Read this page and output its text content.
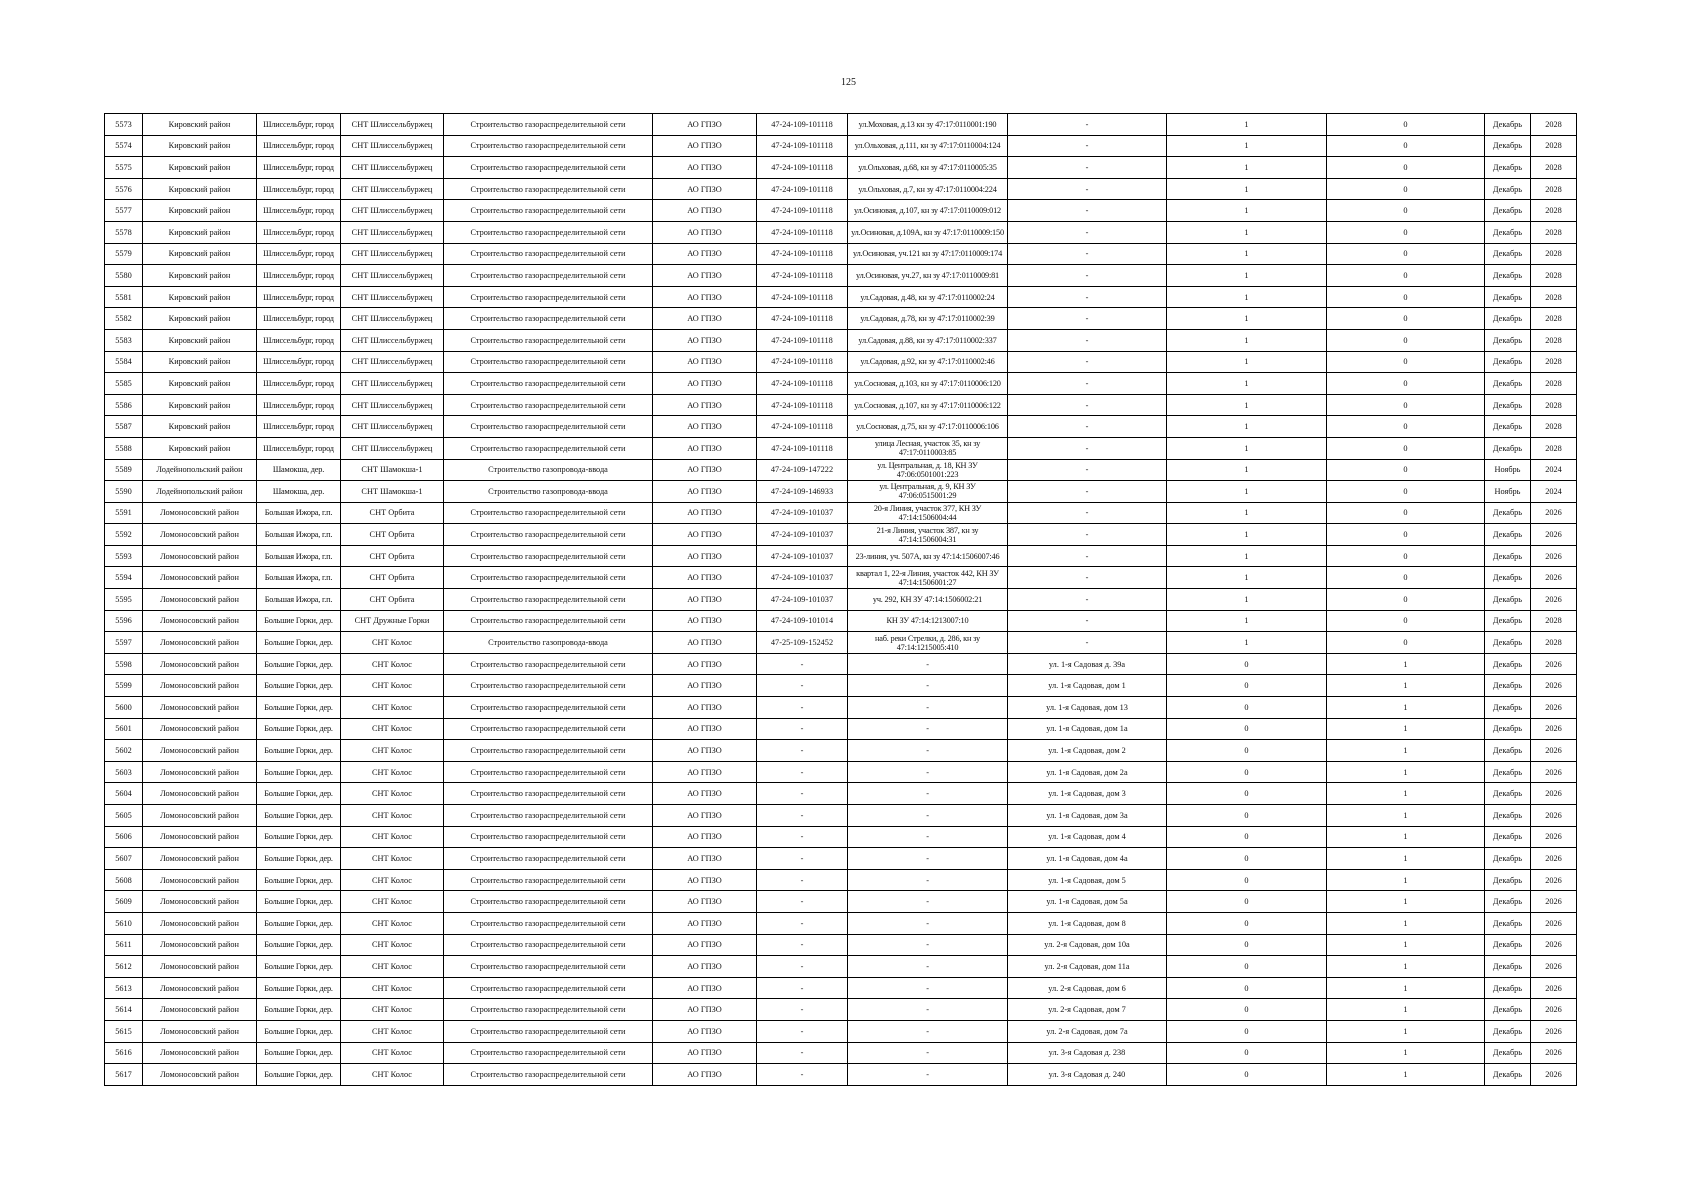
125
5573	Кировский район	Шлиссельбург, город	СНТ Шлиссельбуржец	Строительство газораспределительной сети	АО ГПЗО	47-24-109-101118	ул.Моховая, д.13 кн зу 47:17:0110001:190	-	1	0	Декабрь	2028
5574	Кировский район	Шлиссельбург, город	СНТ Шлиссельбуржец	Строительство газораспределительной сети	АО ГПЗО	47-24-109-101118	ул.Ольховая, д.111, кн зу 47:17:0110004:124	-	1	0	Декабрь	2028
5575	Кировский район	Шлиссельбург, город	СНТ Шлиссельбуржец	Строительство газораспределительной сети	АО ГПЗО	47-24-109-101118	ул.Ольховая, д.68, кн зу 47:17:0110005:35	-	1	0	Декабрь	2028
5576	Кировский район	Шлиссельбург, город	СНТ Шлиссельбуржец	Строительство газораспределительной сети	АО ГПЗО	47-24-109-101118	ул.Ольховая, д.7, кн зу 47:17:0110004:224	-	1	0	Декабрь	2028
5577	Кировский район	Шлиссельбург, город	СНТ Шлиссельбуржец	Строительство газораспределительной сети	АО ГПЗО	47-24-109-101118	ул.Осиновая, д.107, кн зу 47:17:0110009:012	-	1	0	Декабрь	2028
5578	Кировский район	Шлиссельбург, город	СНТ Шлиссельбуржец	Строительство газораспределительной сети	АО ГПЗО	47-24-109-101118	ул.Осиновая, д.109А, кн зу 47:17:0110009:150	-	1	0	Декабрь	2028
5579	Кировский район	Шлиссельбург, город	СНТ Шлиссельбуржец	Строительство газораспределительной сети	АО ГПЗО	47-24-109-101118	ул.Осиновая, уч.121 кн зу 47:17:0110009:174	-	1	0	Декабрь	2028
5580	Кировский район	Шлиссельбург, город	СНТ Шлиссельбуржец	Строительство газораспределительной сети	АО ГПЗО	47-24-109-101118	ул.Осиновая, уч.27, кн зу 47:17:0110009:81	-	1	0	Декабрь	2028
5581	Кировский район	Шлиссельбург, город	СНТ Шлиссельбуржец	Строительство газораспределительной сети	АО ГПЗО	47-24-109-101118	ул.Садовая, д.48, кн зу 47:17:0110002:24	-	1	0	Декабрь	2028
5582	Кировский район	Шлиссельбург, город	СНТ Шлиссельбуржец	Строительство газораспределительной сети	АО ГПЗО	47-24-109-101118	ул.Садовая, д.78, кн зу 47:17:0110002:39	-	1	0	Декабрь	2028
5583	Кировский район	Шлиссельбург, город	СНТ Шлиссельбуржец	Строительство газораспределительной сети	АО ГПЗО	47-24-109-101118	ул.Садовая, д.88, кн зу 47:17:0110002:337	-	1	0	Декабрь	2028
5584	Кировский район	Шлиссельбург, город	СНТ Шлиссельбуржец	Строительство газораспределительной сети	АО ГПЗО	47-24-109-101118	ул.Садовая, д.92, кн зу 47:17:0110002:46	-	1	0	Декабрь	2028
5585	Кировский район	Шлиссельбург, город	СНТ Шлиссельбуржец	Строительство газораспределительной сети	АО ГПЗО	47-24-109-101118	ул.Сосновая, д.103, кн зу 47:17:0110006:120	-	1	0	Декабрь	2028
5586	Кировский район	Шлиссельбург, город	СНТ Шлиссельбуржец	Строительство газораспределительной сети	АО ГПЗО	47-24-109-101118	ул.Сосновая, д.107, кн зу 47:17:0110006:122	-	1	0	Декабрь	2028
5587	Кировский район	Шлиссельбург, город	СНТ Шлиссельбуржец	Строительство газораспределительной сети	АО ГПЗО	47-24-109-101118	ул.Сосновая, д.75, кн зу 47:17:0110006:106	-	1	0	Декабрь	2028
5588	Кировский район	Шлиссельбург, город	СНТ Шлиссельбуржец	Строительство газораспределительной сети	АО ГПЗО	47-24-109-101118	улица Лесная, участок 35, кн зу 47:17:0110003:85	-	1	0	Декабрь	2028
5589	Лодейнопольский район	Шамокша, дер.	СНТ Шамокша-1	Строительство газопровода-ввода	АО ГПЗО	47-24-109-147222	ул. Центральная, д. 18, КН ЗУ 47:06:0501001:223	-	1	0	Ноябрь	2024
5590	Лодейнопольский район	Шамокша, дер.	СНТ Шамокша-1	Строительство газопровода-ввода	АО ГПЗО	47-24-109-146933	ул. Центральная, д. 9, КН ЗУ 47:06:0515001:29	-	1	0	Ноябрь	2024
5591	Ломоносовский район	Большая Ижора, г.п.	СНТ Орбита	Строительство газораспределительной сети	АО ГПЗО	47-24-109-101037	20-я Линия, участок 377, КН ЗУ 47:14:1506004:44	-	1	0	Декабрь	2026
5592	Ломоносовский район	Большая Ижора, г.п.	СНТ Орбита	Строительство газораспределительной сети	АО ГПЗО	47-24-109-101037	21-я Линия, участок 387, кн зу 47:14:1506004:31	-	1	0	Декабрь	2026
5593	Ломоносовский район	Большая Ижора, г.п.	СНТ Орбита	Строительство газораспределительной сети	АО ГПЗО	47-24-109-101037	23-линия, уч. 507А, кн зу 47:14:1506007:46	-	1	0	Декабрь	2026
5594	Ломоносовский район	Большая Ижора, г.п.	СНТ Орбита	Строительство газораспределительной сети	АО ГПЗО	47-24-109-101037	квартал 1, 22-я Линия, участок 442, КН ЗУ 47:14:1506001:27	-	1	0	Декабрь	2026
5595	Ломоносовский район	Большая Ижора, г.п.	СНТ Орбита	Строительство газораспределительной сети	АО ГПЗО	47-24-109-101037	уч. 292, КН ЗУ 47:14:1506002:21	-	1	0	Декабрь	2026
5596	Ломоносовский район	Большие Горки, дер.	СНТ Дружные Горки	Строительство газораспределительной сети	АО ГПЗО	47-24-109-101014	КН ЗУ 47:14:1213007:10	-	1	0	Декабрь	2028
5597	Ломоносовский район	Большие Горки, дер.	СНТ Колос	Строительство газопровода-ввода	АО ГПЗО	47-25-109-152452	наб. реки Стрелки, д. 286, кн зу 47:14:1215005:410	-	1	0	Декабрь	2028
5598	Ломоносовский район	Большие Горки, дер.	СНТ Колос	Строительство газораспределительной сети	АО ГПЗО	-	-	ул. 1-я Садовая д. 39а	0	1	Декабрь	2026
5599	Ломоносовский район	Большие Горки, дер.	СНТ Колос	Строительство газораспределительной сети	АО ГПЗО	-	-	ул. 1-я Садовая, дом 1	0	1	Декабрь	2026
5600	Ломоносовский район	Большие Горки, дер.	СНТ Колос	Строительство газораспределительной сети	АО ГПЗО	-	-	ул. 1-я Садовая, дом 13	0	1	Декабрь	2026
5601	Ломоносовский район	Большие Горки, дер.	СНТ Колос	Строительство газораспределительной сети	АО ГПЗО	-	-	ул. 1-я Садовая, дом 1а	0	1	Декабрь	2026
5602	Ломоносовский район	Большие Горки, дер.	СНТ Колос	Строительство газораспределительной сети	АО ГПЗО	-	-	ул. 1-я Садовая, дом 2	0	1	Декабрь	2026
5603	Ломоносовский район	Большие Горки, дер.	СНТ Колос	Строительство газораспределительной сети	АО ГПЗО	-	-	ул. 1-я Садовая, дом 2а	0	1	Декабрь	2026
5604	Ломоносовский район	Большие Горки, дер.	СНТ Колос	Строительство газораспределительной сети	АО ГПЗО	-	-	ул. 1-я Садовая, дом 3	0	1	Декабрь	2026
5605	Ломоносовский район	Большие Горки, дер.	СНТ Колос	Строительство газораспределительной сети	АО ГПЗО	-	-	ул. 1-я Садовая, дом 3а	0	1	Декабрь	2026
5606	Ломоносовский район	Большие Горки, дер.	СНТ Колос	Строительство газораспределительной сети	АО ГПЗО	-	-	ул. 1-я Садовая, дом 4	0	1	Декабрь	2026
5607	Ломоносовский район	Большие Горки, дер.	СНТ Колос	Строительство газораспределительной сети	АО ГПЗО	-	-	ул. 1-я Садовая, дом 4а	0	1	Декабрь	2026
5608	Ломоносовский район	Большие Горки, дер.	СНТ Колос	Строительство газораспределительной сети	АО ГПЗО	-	-	ул. 1-я Садовая, дом 5	0	1	Декабрь	2026
5609	Ломоносовский район	Большие Горки, дер.	СНТ Колос	Строительство газораспределительной сети	АО ГПЗО	-	-	ул. 1-я Садовая, дом 5а	0	1	Декабрь	2026
5610	Ломоносовский район	Большие Горки, дер.	СНТ Колос	Строительство газораспределительной сети	АО ГПЗО	-	-	ул. 1-я Садовая, дом 8	0	1	Декабрь	2026
5611	Ломоносовский район	Большие Горки, дер.	СНТ Колос	Строительство газораспределительной сети	АО ГПЗО	-	-	ул. 2-я Садовая, дом 10а	0	1	Декабрь	2026
5612	Ломоносовский район	Большие Горки, дер.	СНТ Колос	Строительство газораспределительной сети	АО ГПЗО	-	-	ул. 2-я Садовая, дом 11а	0	1	Декабрь	2026
5613	Ломоносовский район	Большие Горки, дер.	СНТ Колос	Строительство газораспределительной сети	АО ГПЗО	-	-	ул. 2-я Садовая, дом 6	0	1	Декабрь	2026
5614	Ломоносовский район	Большие Горки, дер.	СНТ Колос	Строительство газораспределительной сети	АО ГПЗО	-	-	ул. 2-я Садовая, дом 7	0	1	Декабрь	2026
5615	Ломоносовский район	Большие Горки, дер.	СНТ Колос	Строительство газораспределительной сети	АО ГПЗО	-	-	ул. 2-я Садовая, дом 7а	0	1	Декабрь	2026
5616	Ломоносовский район	Большие Горки, дер.	СНТ Колос	Строительство газораспределительной сети	АО ГПЗО	-	-	ул. 3-я Садовая д. 238	0	1	Декабрь	2026
5617	Ломоносовский район	Большие Горки, дер.	СНТ Колос	Строительство газораспределительной сети	АО ГПЗО	-	-	ул. 3-я Садовая д. 240	0	1	Декабрь	2026
